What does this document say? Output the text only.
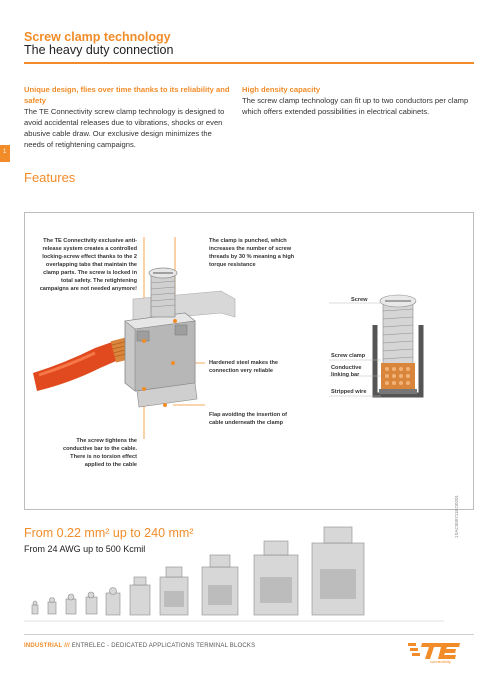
Screw clamp technology
The heavy duty connection
Unique design, flies over time thanks to its reliability and safety
The TE Connectivity screw clamp technology is designed to avoid accidental releases due to vibrations, shocks or even abusive cable draw. Our exclusive design minimizes the needs of retightening campaigns.
High density capacity
The screw clamp technology can fit up to two conductors per clamp which offers extended possibilities in electrical cabinets.
1
Features
The TE Connectivity exclusive anti-release system creates a controlled locking-screw effect thanks to the 2 overlapping tabs that maintain the clamp parts. The screw is locked in total safety. The retightening campaigns are not needed anymore!
The clamp is punched, which increases the number of screw threads by 30 % meaning a high torque resistance
Hardened steel makes the connection very reliable
Flap avoiding the insertion of cable underneath the clamp
The screw tightens the conductive bar to the cable. There is no torsion effect applied to the cable
Screw
Screw clamp
Conductive linking bar
Stripped wire
From 0.22 mm² up to 240 mm²
From 24 AWG up to 500 Kcmil
1SAC000711BO0201
INDUSTRIAL /// ENTRELEC - DEDICATED APPLICATIONS TERMINAL BLOCKS
connectivity
